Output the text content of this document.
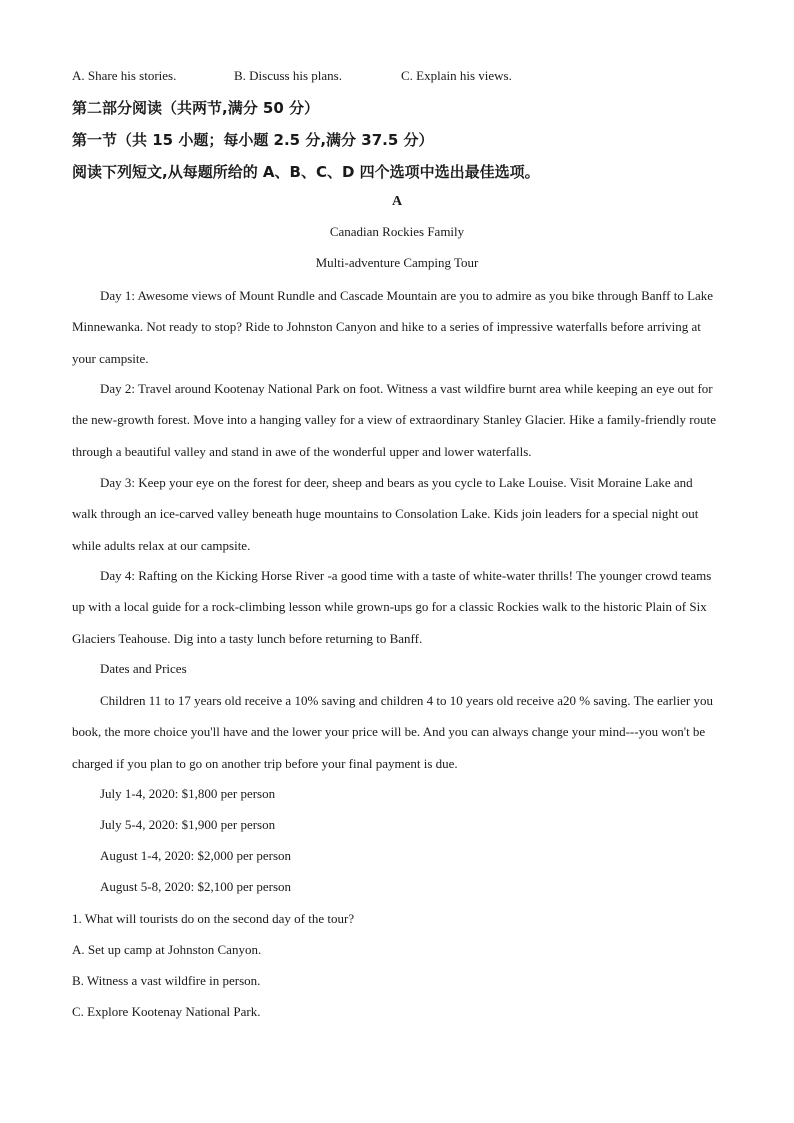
A. Share his stories.	B. Discuss his plans.	C. Explain his views.
第二部分阅读（共两节,满分 50 分）
第一节（共 15 小题；每小题 2.5 分,满分 37.5 分）
阅读下列短文,从每题所给的 A、B、C、D 四个选项中选出最佳选项。
A
Canadian Rockies Family
Multi-adventure Camping Tour

Day 1: Awesome views of Mount Rundle and Cascade Mountain are you to admire as you bike through Banff to Lake Minnewanka. Not ready to stop? Ride to Johnston Canyon and hike to a series of impressive waterfalls before arriving at your campsite.

Day 2: Travel around Kootenay National Park on foot. Witness a vast wildfire burnt area while keeping an eye out for the new-growth forest. Move into a hanging valley for a view of extraordinary Stanley Glacier. Hike a family-friendly route through a beautiful valley and stand in awe of the wonderful upper and lower waterfalls.

Day 3: Keep your eye on the forest for deer, sheep and bears as you cycle to Lake Louise. Visit Moraine Lake and walk through an ice-carved valley beneath huge mountains to Consolation Lake. Kids join leaders for a special night out while adults relax at our campsite.

Day 4: Rafting on the Kicking Horse River -a good time with a taste of white-water thrills! The younger crowd teams up with a local guide for a rock-climbing lesson while grown-ups go for a classic Rockies walk to the historic Plain of Six Glaciers Teahouse. Dig into a tasty lunch before returning to Banff.

Dates and Prices

Children 11 to 17 years old receive a 10% saving and children 4 to 10 years old receive a20 % saving. The earlier you book, the more choice you'll have and the lower your price will be. And you can always change your mind---you won't be charged if you plan to go on another trip before your final payment is due.

July 1-4, 2020: $1,800 per person
July 5-4, 2020: $1,900 per person
August 1-4, 2020: $2,000 per person
August 5-8, 2020: $2,100 per person
1. What will tourists do on the second day of the tour?
A. Set up camp at Johnston Canyon.
B. Witness a vast wildfire in person.
C. Explore Kootenay National Park.
